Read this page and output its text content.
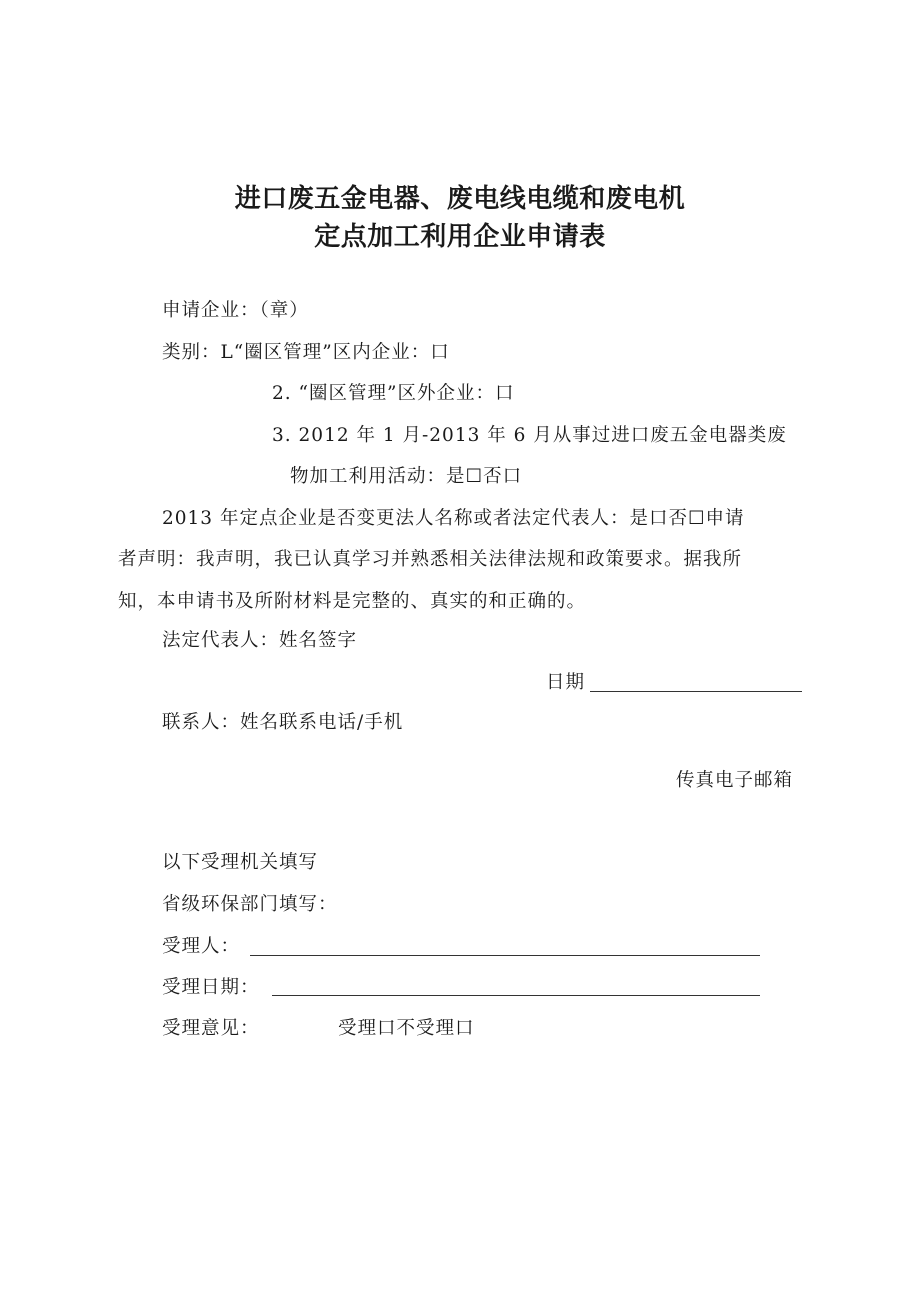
进口废五金电器、废电线电缆和废电机
定点加工利用企业申请表
申请企业：（章）
类别：L“圈区管理”区内企业：口
2. “圈区管理”区外企业：口
3. 2012 年 1 月-2013 年 6 月从事过进口废五金电器类废
物加工利用活动：是☐否口
2013 年定点企业是否变更法人名称或者法定代表人：是口否☐申请
者声明：我声明，我已认真学习并熟悉相关法律法规和政策要求。据我所
知，本申请书及所附材料是完整的、真实的和正确的。
法定代表人：姓名签字
日期
联系人：姓名联系电话/手机
传真电子邮箱
以下受理机关填写
省级环保部门填写：
受理人：
受理日期：
受理意见：	受理口不受理口
